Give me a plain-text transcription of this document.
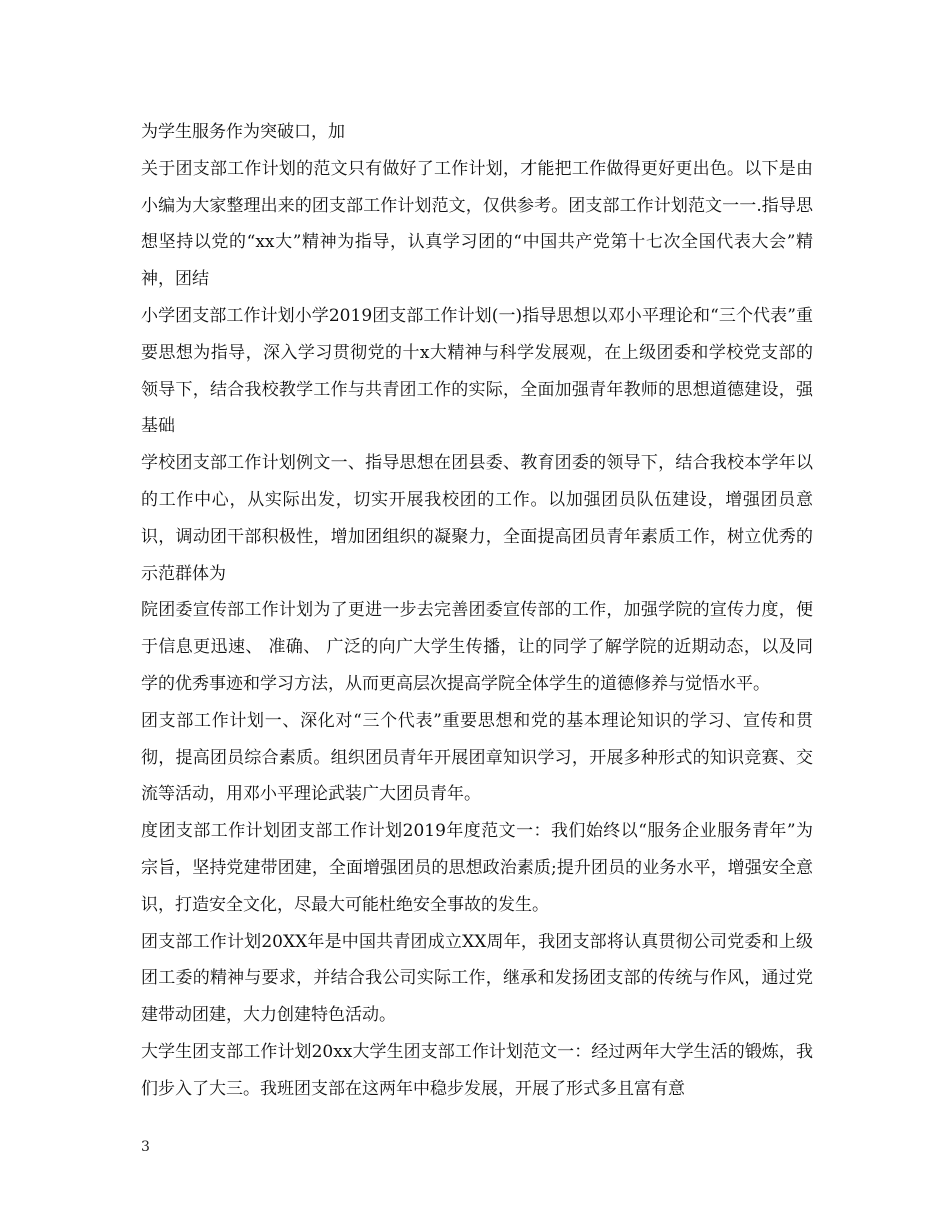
为学生服务作为突破口，加

关于团支部工作计划的范文只有做好了工作计划，才能把工作做得更好更出色。以下是由小编为大家整理出来的团支部工作计划范文，仅供参考。团支部工作计划范文一一.指导思想坚持以党的“xx大”精神为指导，认真学习团的“中国共产党第十七次全国代表大会”精神，团结

小学团支部工作计划小学2019团支部工作计划(一)指导思想以邓小平理论和“三个代表”重要思想为指导，深入学习贯彻党的十x大精神与科学发展观，在上级团委和学校党支部的领导下，结合我校教学工作与共青团工作的实际，全面加强青年教师的思想道德建设，强基础

学校团支部工作计划例文一、指导思想在团县委、教育团委的领导下，结合我校本学年以的工作中心，从实际出发，切实开展我校团的工作。以加强团员队伍建设，增强团员意识，调动团干部积极性，增加团组织的凝聚力，全面提高团员青年素质工作，树立优秀的示范群体为

院团委宣传部工作计划为了更进一步去完善团委宣传部的工作，加强学院的宣传力度，便于信息更迅速、 准确、 广泛的向广大学生传播，让的同学了解学院的近期动态，以及同学的优秀事迹和学习方法，从而更高层次提高学院全体学生的道德修养与觉悟水平。

团支部工作计划一、深化对“三个代表”重要思想和党的基本理论知识的学习、宣传和贯彻，提高团员综合素质。组织团员青年开展团章知识学习，开展多种形式的知识竞赛、交流等活动，用邓小平理论武装广大团员青年。

度团支部工作计划团支部工作计划2019年度范文一：我们始终以“服务企业服务青年”为宗旨，坚持党建带团建，全面增强团员的思想政治素质;提升团员的业务水平，增强安全意识，打造安全文化，尽最大可能杜绝安全事故的发生。

团支部工作计划20XX年是中国共青团成立XX周年，我团支部将认真贯彻公司党委和上级团工委的精神与要求，并结合我公司实际工作，继承和发扬团支部的传统与作风，通过党建带动团建，大力创建特色活动。

大学生团支部工作计划20xx大学生团支部工作计划范文一：经过两年大学生活的锻炼，我们步入了大三。我班团支部在这两年中稳步发展，开展了形式多且富有意

3
